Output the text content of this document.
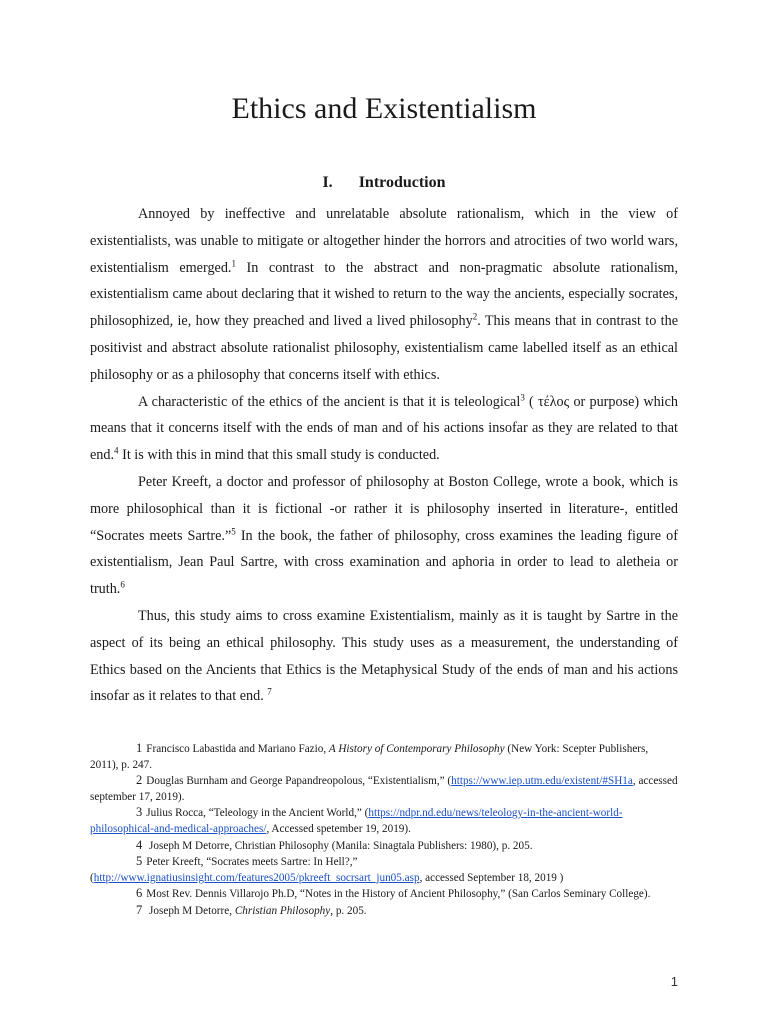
Ethics and Existentialism
I. Introduction

Annoyed by ineffective and unrelatable absolute rationalism, which in the view of existentialists, was unable to mitigate or altogether hinder the horrors and atrocities of two world wars, existentialism emerged.$^1$ In contrast to the abstract and non-pragmatic absolute rationalism, existentialism came about declaring that it wished to return to the way the ancients, especially socrates, philosophized, ie, how they preached and lived a lived philosophy$^2$. This means that in contrast to the positivist and abstract absolute rationalist philosophy, existentialism came labelled itself as an ethical philosophy or as a philosophy that concerns itself with ethics.

A characteristic of the ethics of the ancient is that it is teleological$^3$ ( τέλος or purpose) which means that it concerns itself with the ends of man and of his actions insofar as they are related to that end.$^4$ It is with this in mind that this small study is conducted.

Peter Kreeft, a doctor and professor of philosophy at Boston College, wrote a book, which is more philosophical than it is fictional -or rather it is philosophy inserted in literature-, entitled “Socrates meets Sartre.”$^5$ In the book, the father of philosophy, cross examines the leading figure of existentialism, Jean Paul Sartre, with cross examination and aphoria in order to lead to aletheia or truth.$^6$

Thus, this study aims to cross examine Existentialism, mainly as it is taught by Sartre in the aspect of its being an ethical philosophy. This study uses as a measurement, the understanding of Ethics based on the Ancients that Ethics is the Metaphysical Study of the ends of man and his actions insofar as it relates to that end. $^7$

1 Francisco Labastida and Mariano Fazio, A History of Contemporary Philosophy (New York: Scepter Publishers, 2011), p. 247.

2 Douglas Burnham and George Papandreopolous, “Existentialism,” (https://www.iep.utm.edu/existent/#SH1a, accessed september 17, 2019).

3 Julius Rocca, “Teleology in the Ancient World,” (https://ndpr.nd.edu/news/teleology-in-the-ancient-world-philosophical-and-medical-approaches/, Accessed spetember 19, 2019).

4 Joseph M Detorre, Christian Philosophy (Manila: Sinagtala Publishers: 1980), p. 205.

5 Peter Kreeft, “Socrates meets Sartre: In Hell?,” (http://www.ignatiusinsight.com/features2005/pkreeft_socrsart_jun05.asp, accessed September 18, 2019 )

6 Most Rev. Dennis Villarojo Ph.D, “Notes in the History of Ancient Philosophy,” (San Carlos Seminary College).

7 Joseph M Detorre, Christian Philosophy, p. 205.

1
